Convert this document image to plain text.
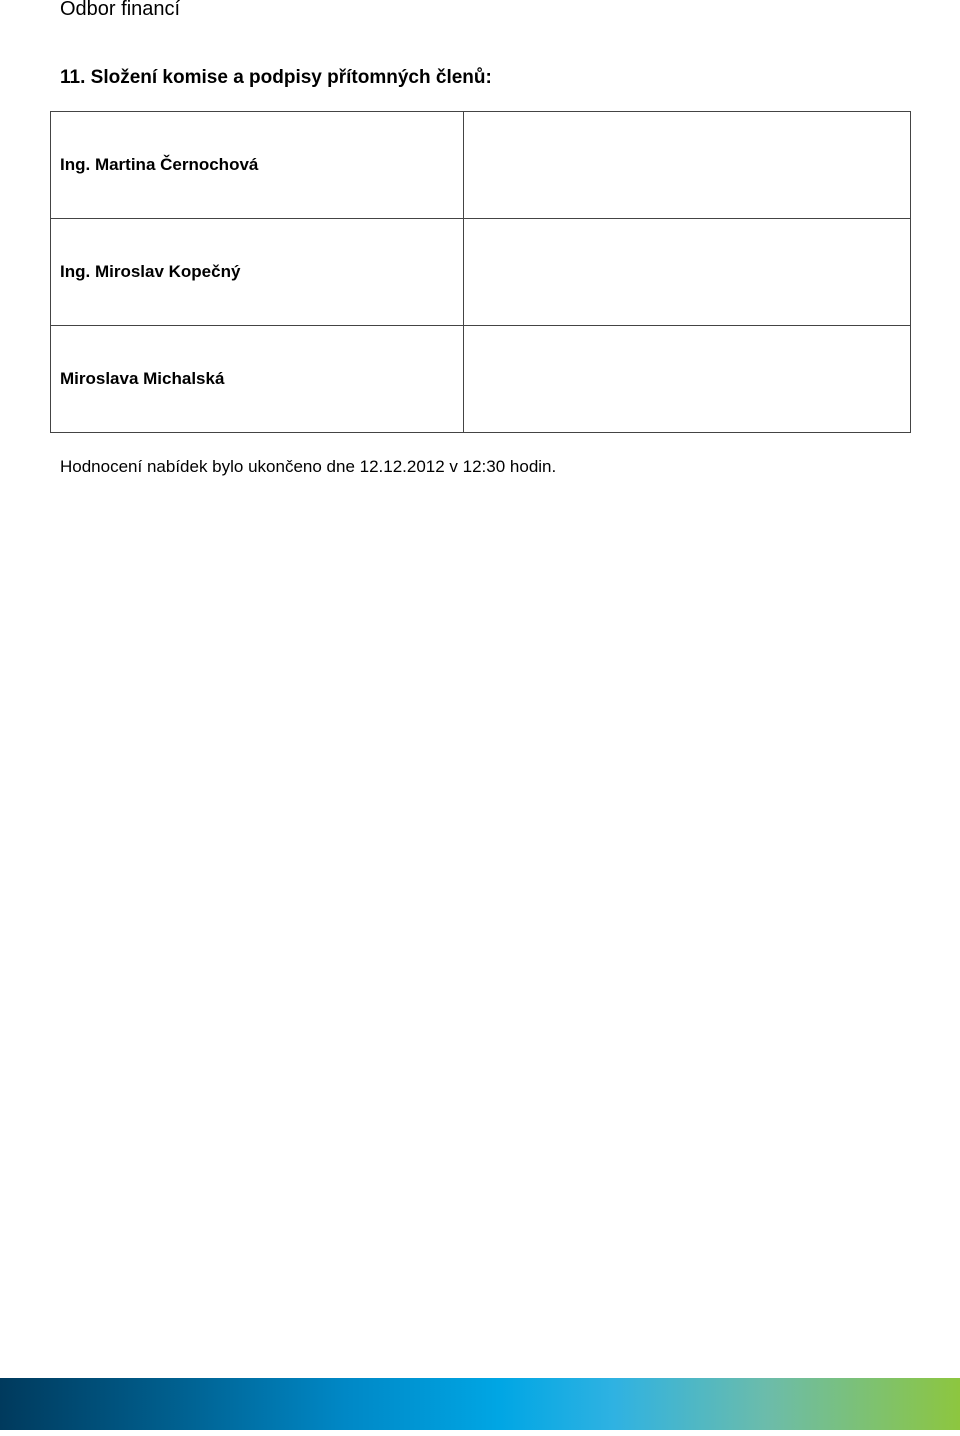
Odbor financí
11. Složení komise a podpisy přítomných členů:
Ing. Martina Černochová	
Ing. Miroslav Kopečný	
Miroslava Michalská	
Hodnocení nabídek bylo ukončeno dne 12.12.2012 v 12:30 hodin.
